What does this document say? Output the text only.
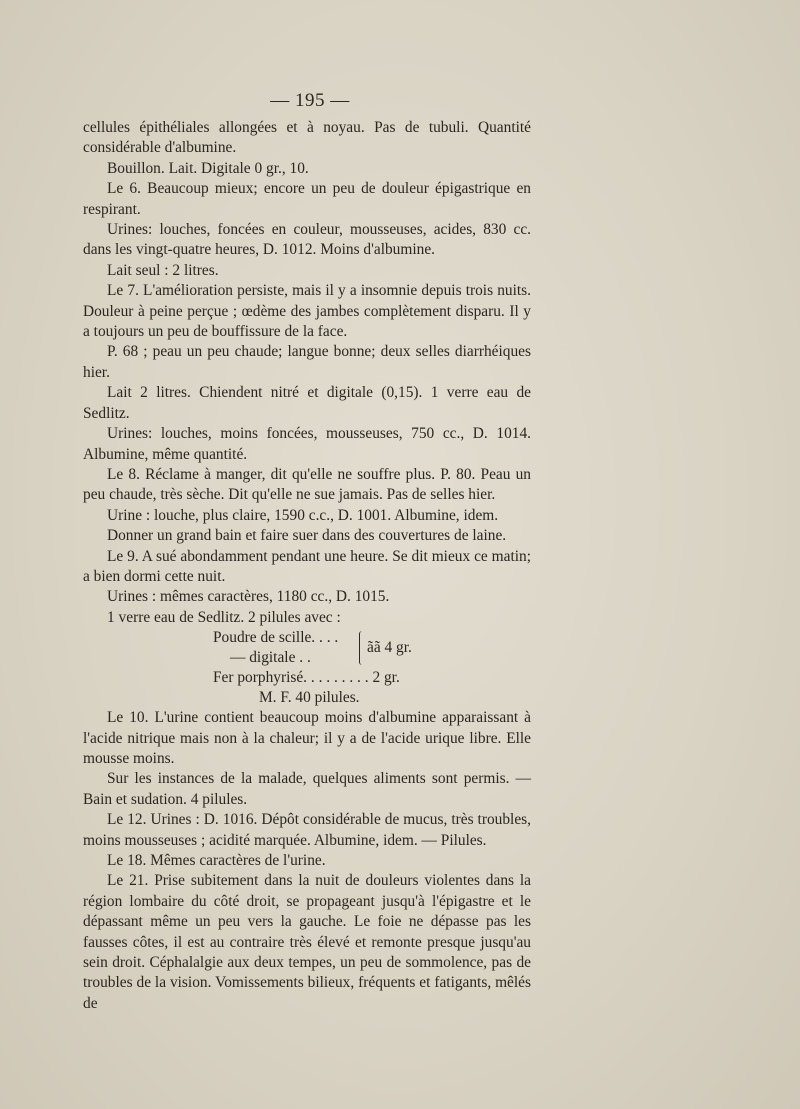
— 195 —

cellules épithéliales allongées et à noyau. Pas de tubuli. Quantité considérable d'albumine.

Bouillon. Lait. Digitale 0 gr., 10.

Le 6. Beaucoup mieux; encore un peu de douleur épigastrique en respirant.

Urines: louches, foncées en couleur, mousseuses, acides, 830 cc. dans les vingt-quatre heures, D. 1012. Moins d'albumine.

Lait seul : 2 litres.

Le 7. L'amélioration persiste, mais il y a insomnie depuis trois nuits. Douleur à peine perçue ; œdème des jambes complètement disparu. Il y a toujours un peu de bouffissure de la face.

P. 68 ; peau un peu chaude; langue bonne; deux selles diarrhéiques hier.

Lait 2 litres. Chiendent nitré et digitale (0,15). 1 verre eau de Sedlitz.

Urines: louches, moins foncées, mousseuses, 750 cc., D. 1014. Albumine, même quantité.

Le 8. Réclame à manger, dit qu'elle ne souffre plus. P. 80. Peau un peu chaude, très sèche. Dit qu'elle ne sue jamais. Pas de selles hier.

Urine : louche, plus claire, 1590 c.c., D. 1001. Albumine, idem.

Donner un grand bain et faire suer dans des couvertures de laine.

Le 9. A sué abondamment pendant une heure. Se dit mieux ce matin; a bien dormi cette nuit.

Urines : mêmes caractères, 1180 cc., D. 1015.

1 verre eau de Sedlitz. 2 pilules avec :

Poudre de scille. . . .
— digitale . .
ãã 4 gr.
Fer porphyrisé. . . . . . . . . 2 gr.
M. F. 40 pilules.

Le 10. L'urine contient beaucoup moins d'albumine apparaissant à l'acide nitrique mais non à la chaleur; il y a de l'acide urique libre. Elle mousse moins.

Sur les instances de la malade, quelques aliments sont permis. — Bain et sudation. 4 pilules.

Le 12. Urines : D. 1016. Dépôt considérable de mucus, très troubles, moins mousseuses ; acidité marquée. Albumine, idem. — Pilules.

Le 18. Mêmes caractères de l'urine.

Le 21. Prise subitement dans la nuit de douleurs violentes dans la région lombaire du côté droit, se propageant jusqu'à l'épigastre et le dépassant même un peu vers la gauche. Le foie ne dépasse pas les fausses côtes, il est au contraire très élevé et remonte presque jusqu'au sein droit. Céphalalgie aux deux tempes, un peu de sommolence, pas de troubles de la vision. Vomissements bilieux, fréquents et fatigants, mêlés de
